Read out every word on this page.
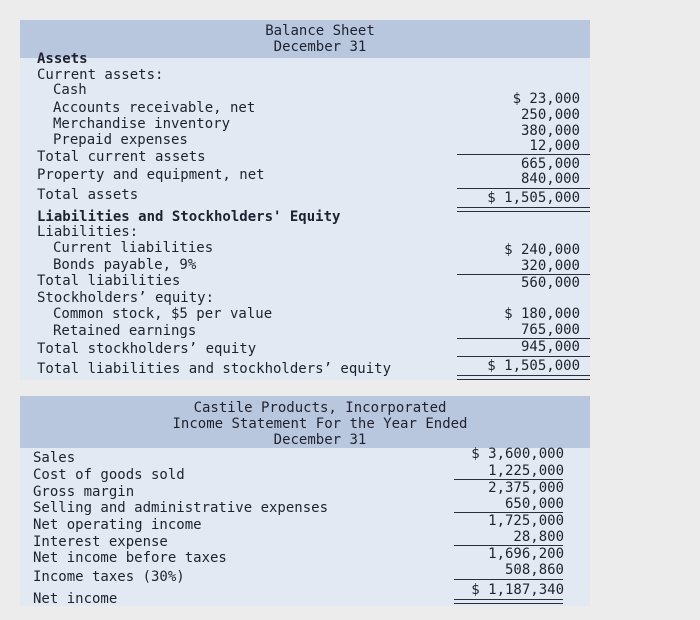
Balance Sheet
December 31
Assets
Current assets:
Cash
Accounts receivable, net
Merchandise inventory
Prepaid expenses
Total current assets
Property and equipment, net
Total assets
$ 23,000
250,000
380,000
12,000
665,000
840,000
$ 1,505,000
Liabilities and Stockholders' Equity
Liabilities:
Current liabilities
Bonds payable, 9%
Total liabilities
Stockholders’ equity:
Common stock, $5 per value
Retained earnings
Total stockholders’ equity
Total liabilities and stockholders’ equity
$ 240,000
320,000
560,000
$ 180,000
765,000
945,000
$ 1,505,000
Castile Products, Incorporated
Income Statement For the Year Ended
December 31
Sales
Cost of goods sold
Gross margin
Selling and administrative expenses
Net operating income
Interest expense
Net income before taxes
Income taxes (30%)
Net income
$ 3,600,000
1,225,000
2,375,000
650,000
1,725,000
28,800
1,696,200
508,860
$ 1,187,340
